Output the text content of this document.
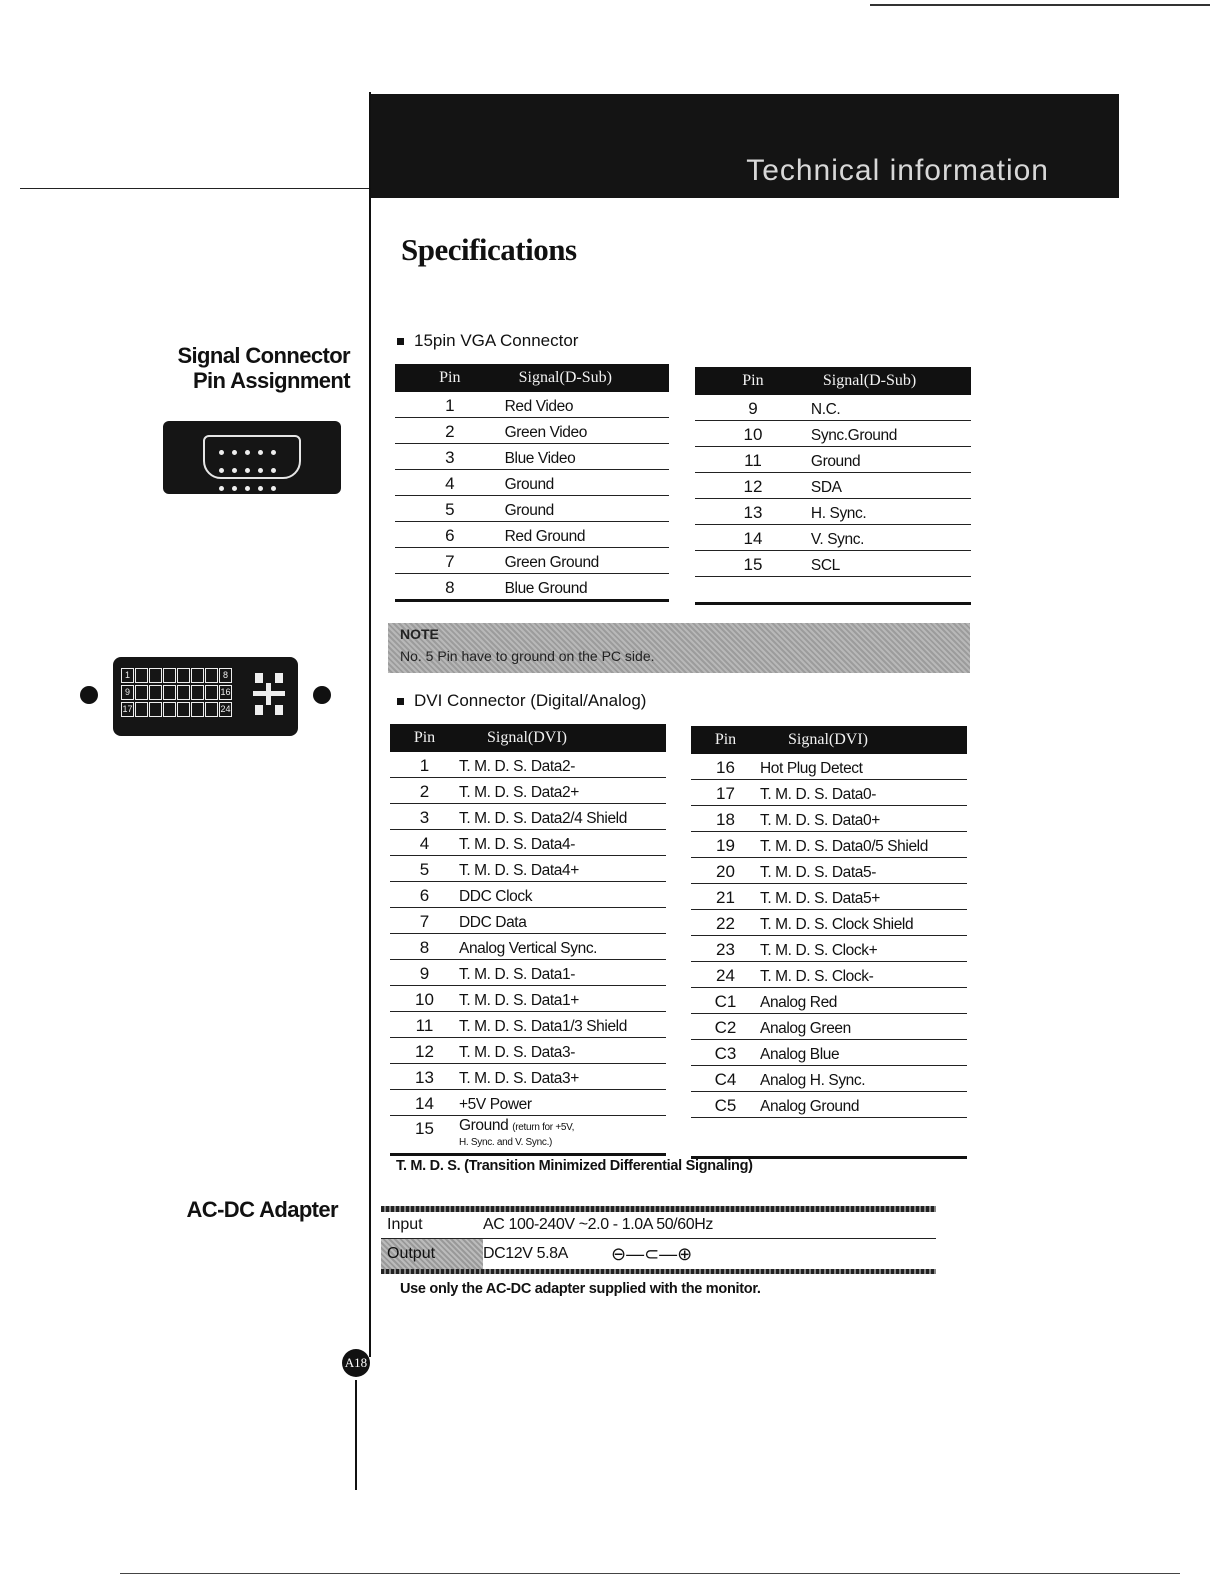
Technical information
Specifications
Signal Connector
Pin Assignment
AC-DC Adapter

1	8
9	16
17	24
15pin VGA Connector
Pin	Signal(D-Sub)
1	Red Video
2	Green Video
3	Blue Video
4	Ground
5	Ground
6	Red Ground
7	Green Ground
8	Blue Ground
Pin	Signal(D-Sub)
9	N.C.
10	Sync.Ground
11	Ground
12	SDA
13	H. Sync.
14	V. Sync.
15	SCL

NOTE
No. 5 Pin have to ground on the PC side.
DVI Connector (Digital/Analog)
Pin	Signal(DVI)
1	T. M. D. S. Data2-
2	T. M. D. S. Data2+
3	T. M. D. S. Data2/4 Shield
4	T. M. D. S. Data4-
5	T. M. D. S. Data4+
6	DDC Clock
7	DDC Data
8	Analog Vertical Sync.
9	T. M. D. S. Data1-
10	T. M. D. S. Data1+
11	T. M. D. S. Data1/3 Shield
12	T. M. D. S. Data3-
13	T. M. D. S. Data3+
14	+5V Power
15	Ground (return for +5V,
H. Sync. and V. Sync.)
Pin	Signal(DVI)
16	Hot Plug Detect
17	T. M. D. S. Data0-
18	T. M. D. S. Data0+
19	T. M. D. S. Data0/5 Shield
20	T. M. D. S. Data5-
21	T. M. D. S. Data5+
22	T. M. D. S. Clock Shield
23	T. M. D. S. Clock+
24	T. M. D. S. Clock-
C1	Analog Red
C2	Analog Green
C3	Analog Blue
C4	Analog H. Sync.
C5	Analog Ground

T. M. D. S. (Transition Minimized Differential Signaling)
Input	AC 100-240V ~2.0 - 1.0A 50/60Hz
Output	DC12V 5.8A	⊖—⊂—⊕
Use only the AC-DC adapter supplied with the monitor.
A18
